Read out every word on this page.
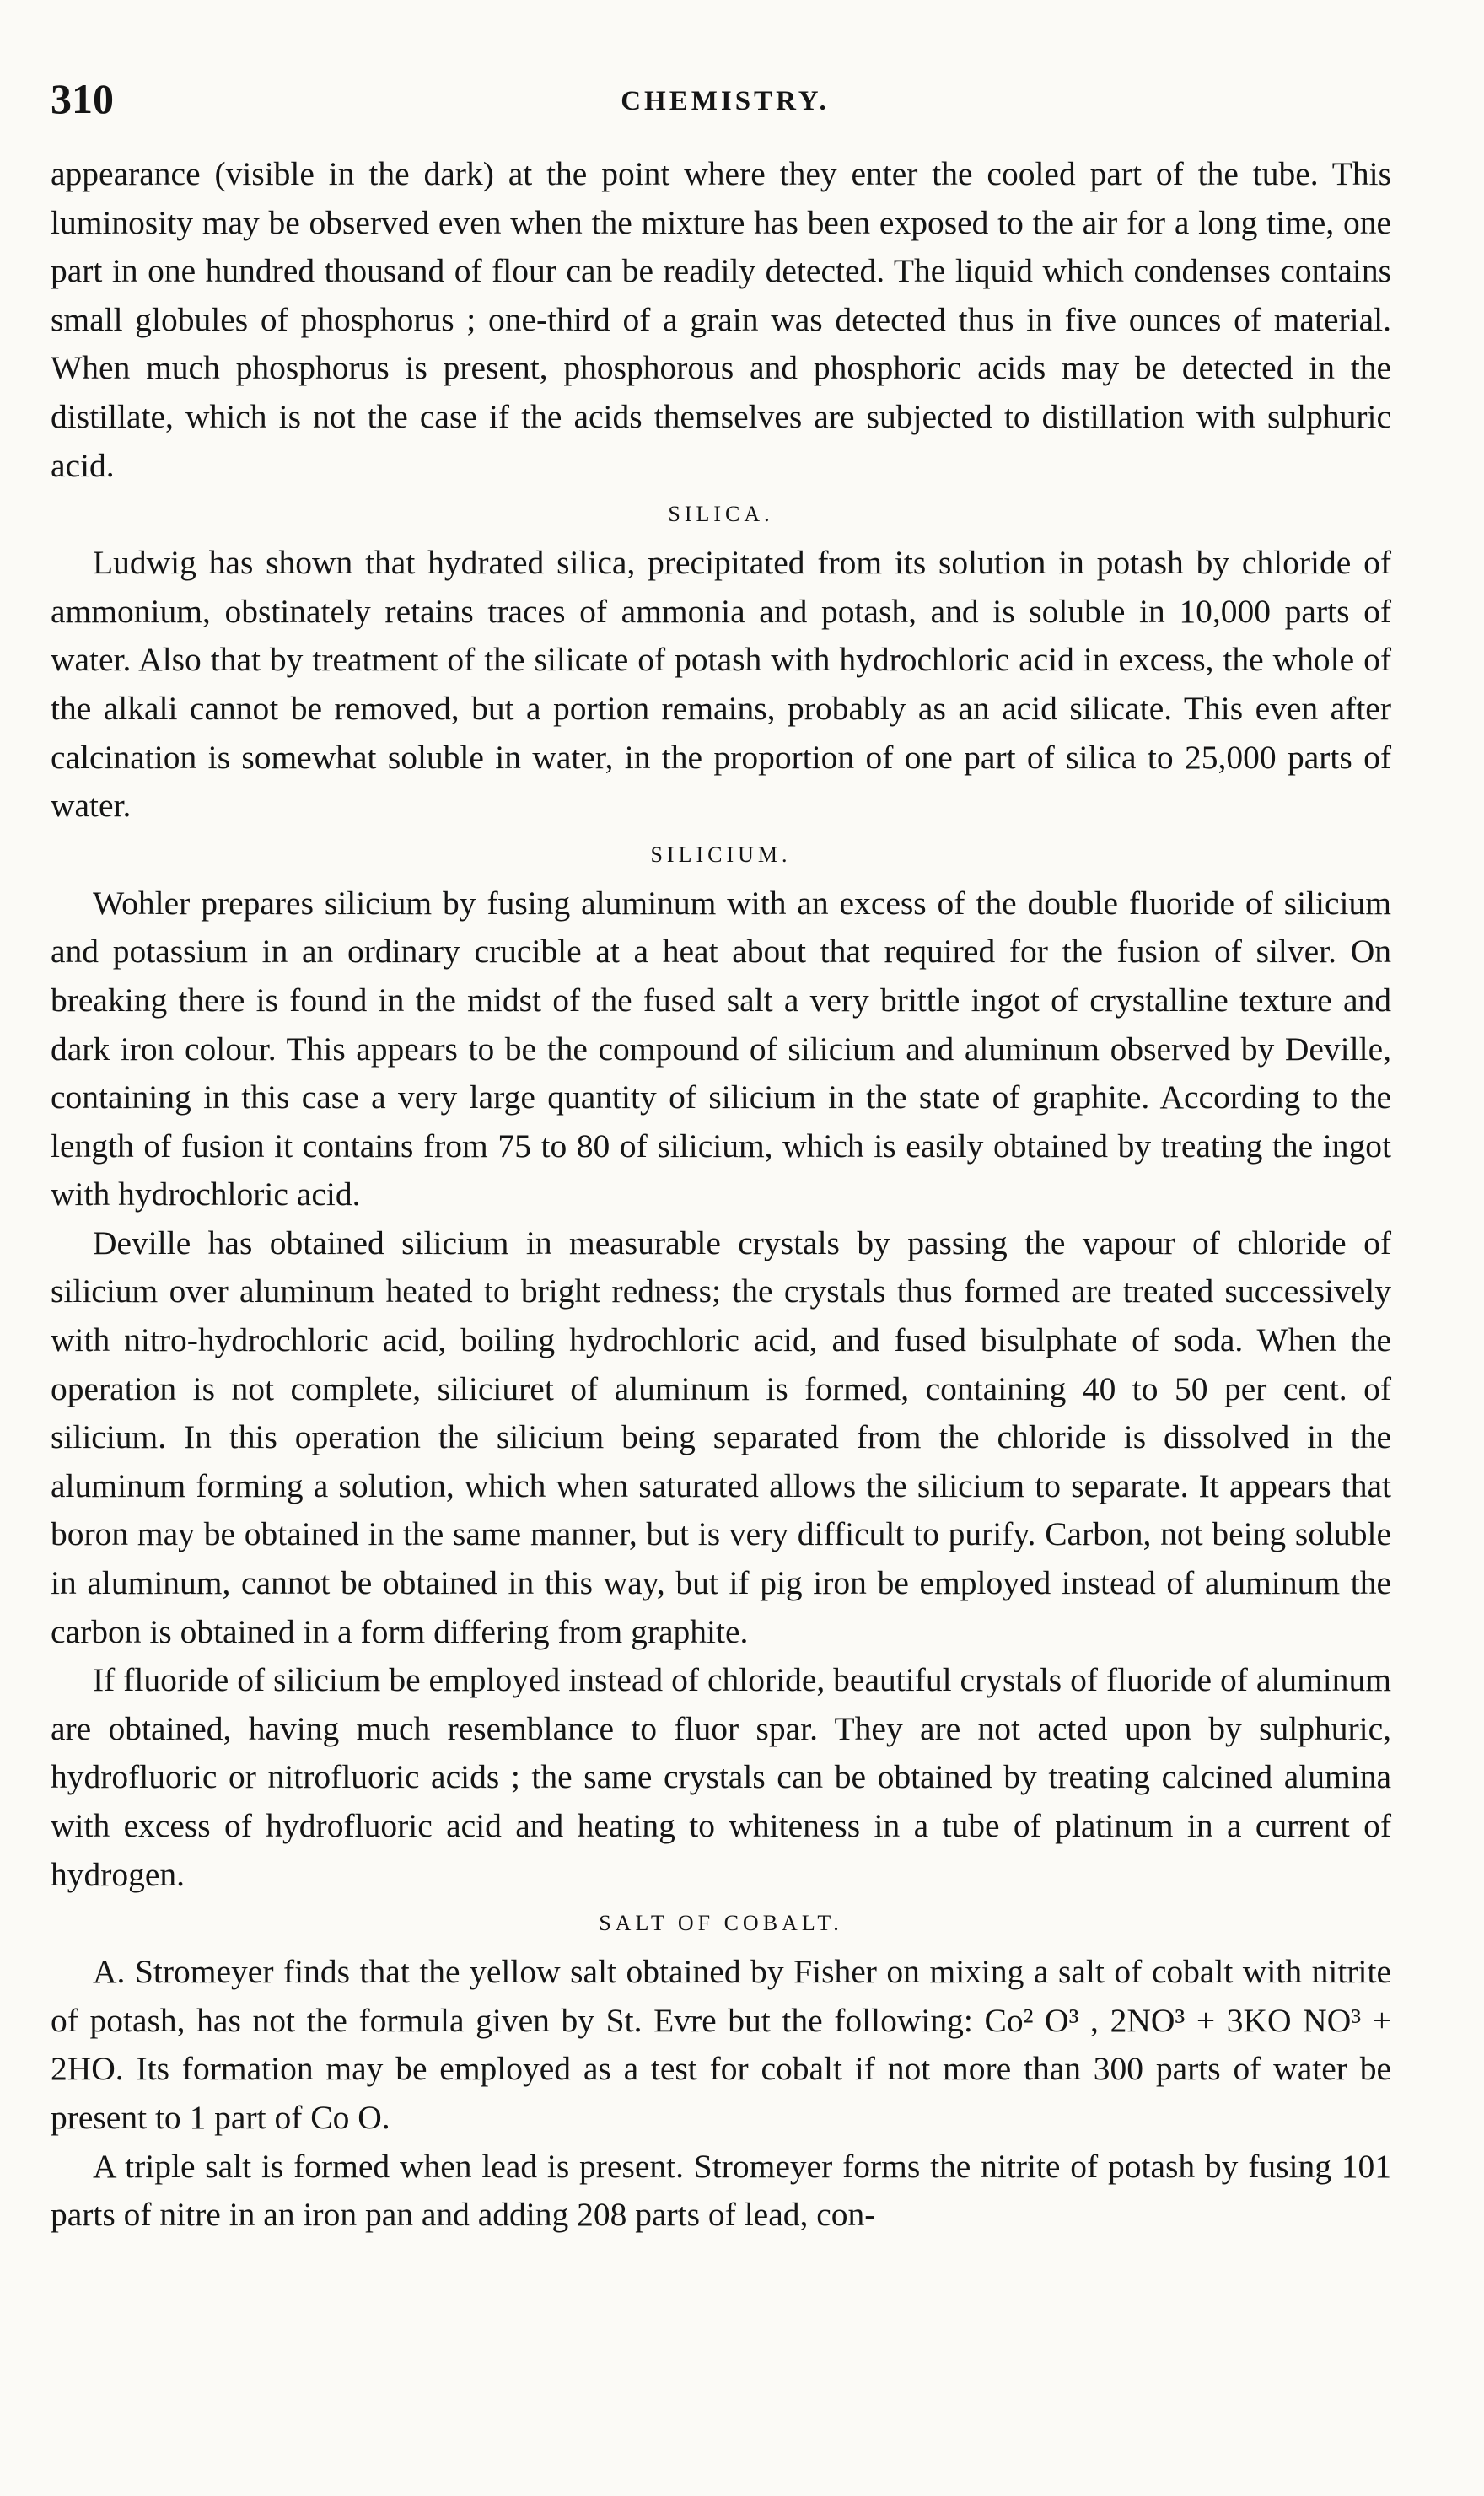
310	CHEMISTRY.

appearance (visible in the dark) at the point where they enter the cooled part of the tube. This luminosity may be observed even when the mixture has been exposed to the air for a long time, one part in one hundred thousand of flour can be readily detected. The liquid which condenses contains small globules of phosphorus ; one-third of a grain was detected thus in five ounces of material. When much phosphorus is present, phosphorous and phosphoric acids may be detected in the distillate, which is not the case if the acids themselves are subjected to distillation with sulphuric acid.

SILICA.

Ludwig has shown that hydrated silica, precipitated from its solution in potash by chloride of ammonium, obstinately retains traces of ammonia and potash, and is soluble in 10,000 parts of water. Also that by treatment of the silicate of potash with hydrochloric acid in excess, the whole of the alkali cannot be removed, but a portion remains, probably as an acid silicate. This even after calcination is somewhat soluble in water, in the proportion of one part of silica to 25,000 parts of water.

SILICIUM.

Wohler prepares silicium by fusing aluminum with an excess of the double fluoride of silicium and potassium in an ordinary crucible at a heat about that required for the fusion of silver. On breaking there is found in the midst of the fused salt a very brittle ingot of crystalline texture and dark iron colour. This appears to be the compound of silicium and aluminum observed by Deville, containing in this case a very large quantity of silicium in the state of graphite. According to the length of fusion it contains from 75 to 80 of silicium, which is easily obtained by treating the ingot with hydrochloric acid.

Deville has obtained silicium in measurable crystals by passing the vapour of chloride of silicium over aluminum heated to bright redness; the crystals thus formed are treated successively with nitro-hydrochloric acid, boiling hydrochloric acid, and fused bisulphate of soda. When the operation is not complete, siliciuret of aluminum is formed, containing 40 to 50 per cent. of silicium. In this operation the silicium being separated from the chloride is dissolved in the aluminum forming a solution, which when saturated allows the silicium to separate. It appears that boron may be obtained in the same manner, but is very difficult to purify. Carbon, not being soluble in aluminum, cannot be obtained in this way, but if pig iron be employed instead of aluminum the carbon is obtained in a form differing from graphite.

If fluoride of silicium be employed instead of chloride, beautiful crystals of fluoride of aluminum are obtained, having much resemblance to fluor spar. They are not acted upon by sulphuric, hydrofluoric or nitrofluoric acids ; the same crystals can be obtained by treating calcined alumina with excess of hydrofluoric acid and heating to whiteness in a tube of platinum in a current of hydrogen.

SALT OF COBALT.

A. Stromeyer finds that the yellow salt obtained by Fisher on mixing a salt of cobalt with nitrite of potash, has not the formula given by St. Evre but the following: Co² O³ , 2NO³ + 3KO NO³ + 2HO. Its formation may be employed as a test for cobalt if not more than 300 parts of water be present to 1 part of Co O.

A triple salt is formed when lead is present. Stromeyer forms the nitrite of potash by fusing 101 parts of nitre in an iron pan and adding 208 parts of lead, con-
